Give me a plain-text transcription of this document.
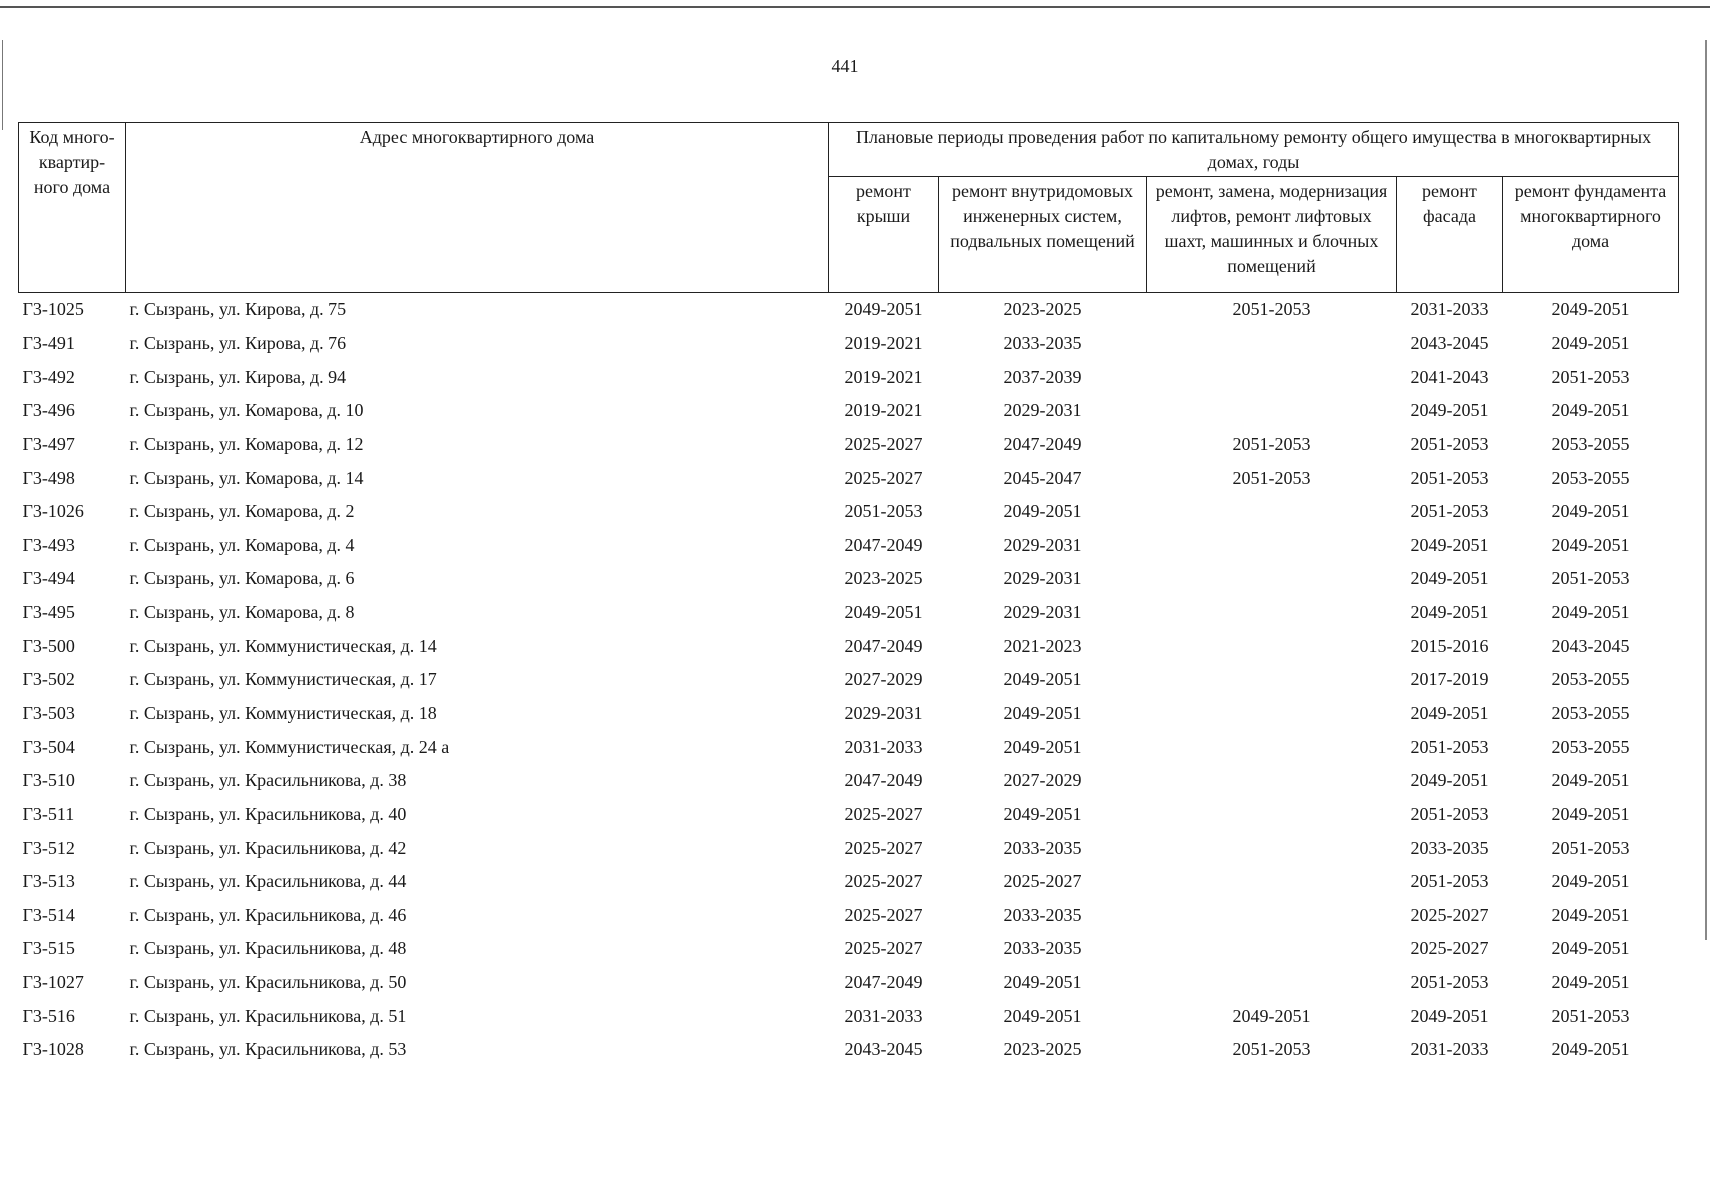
441
Код много-
квартир-
ного дома	Адрес многоквартирного дома	Плановые периоды проведения работ по капитальному ремонту общего имущества в многоквартирных домах, годы				
		ремонт крыши	ремонт внутридомовых инженерных систем, подвальных помещений	ремонт, замена, модернизация лифтов, ремонт лифтовых шахт, машинных и блочных помещений	ремонт фасада	ремонт фундамента многоквартирного дома
Г3-1025	г. Сызрань, ул. Кирова, д. 75	2049-2051	2023-2025	2051-2053	2031-2033	2049-2051
Г3-491	г. Сызрань, ул. Кирова, д. 76	2019-2021	2033-2035		2043-2045	2049-2051
Г3-492	г. Сызрань, ул. Кирова, д. 94	2019-2021	2037-2039		2041-2043	2051-2053
Г3-496	г. Сызрань, ул. Комарова, д. 10	2019-2021	2029-2031		2049-2051	2049-2051
Г3-497	г. Сызрань, ул. Комарова, д. 12	2025-2027	2047-2049	2051-2053	2051-2053	2053-2055
Г3-498	г. Сызрань, ул. Комарова, д. 14	2025-2027	2045-2047	2051-2053	2051-2053	2053-2055
Г3-1026	г. Сызрань, ул. Комарова, д. 2	2051-2053	2049-2051		2051-2053	2049-2051
Г3-493	г. Сызрань, ул. Комарова, д. 4	2047-2049	2029-2031		2049-2051	2049-2051
Г3-494	г. Сызрань, ул. Комарова, д. 6	2023-2025	2029-2031		2049-2051	2051-2053
Г3-495	г. Сызрань, ул. Комарова, д. 8	2049-2051	2029-2031		2049-2051	2049-2051
Г3-500	г. Сызрань, ул. Коммунистическая, д. 14	2047-2049	2021-2023		2015-2016	2043-2045
Г3-502	г. Сызрань, ул. Коммунистическая, д. 17	2027-2029	2049-2051		2017-2019	2053-2055
Г3-503	г. Сызрань, ул. Коммунистическая, д. 18	2029-2031	2049-2051		2049-2051	2053-2055
Г3-504	г. Сызрань, ул. Коммунистическая, д. 24 а	2031-2033	2049-2051		2051-2053	2053-2055
Г3-510	г. Сызрань, ул. Красильникова, д. 38	2047-2049	2027-2029		2049-2051	2049-2051
Г3-511	г. Сызрань, ул. Красильникова, д. 40	2025-2027	2049-2051		2051-2053	2049-2051
Г3-512	г. Сызрань, ул. Красильникова, д. 42	2025-2027	2033-2035		2033-2035	2051-2053
Г3-513	г. Сызрань, ул. Красильникова, д. 44	2025-2027	2025-2027		2051-2053	2049-2051
Г3-514	г. Сызрань, ул. Красильникова, д. 46	2025-2027	2033-2035		2025-2027	2049-2051
Г3-515	г. Сызрань, ул. Красильникова, д. 48	2025-2027	2033-2035		2025-2027	2049-2051
Г3-1027	г. Сызрань, ул. Красильникова, д. 50	2047-2049	2049-2051		2051-2053	2049-2051
Г3-516	г. Сызрань, ул. Красильникова, д. 51	2031-2033	2049-2051	2049-2051	2049-2051	2051-2053
Г3-1028	г. Сызрань, ул. Красильникова, д. 53	2043-2045	2023-2025	2051-2053	2031-2033	2049-2051
